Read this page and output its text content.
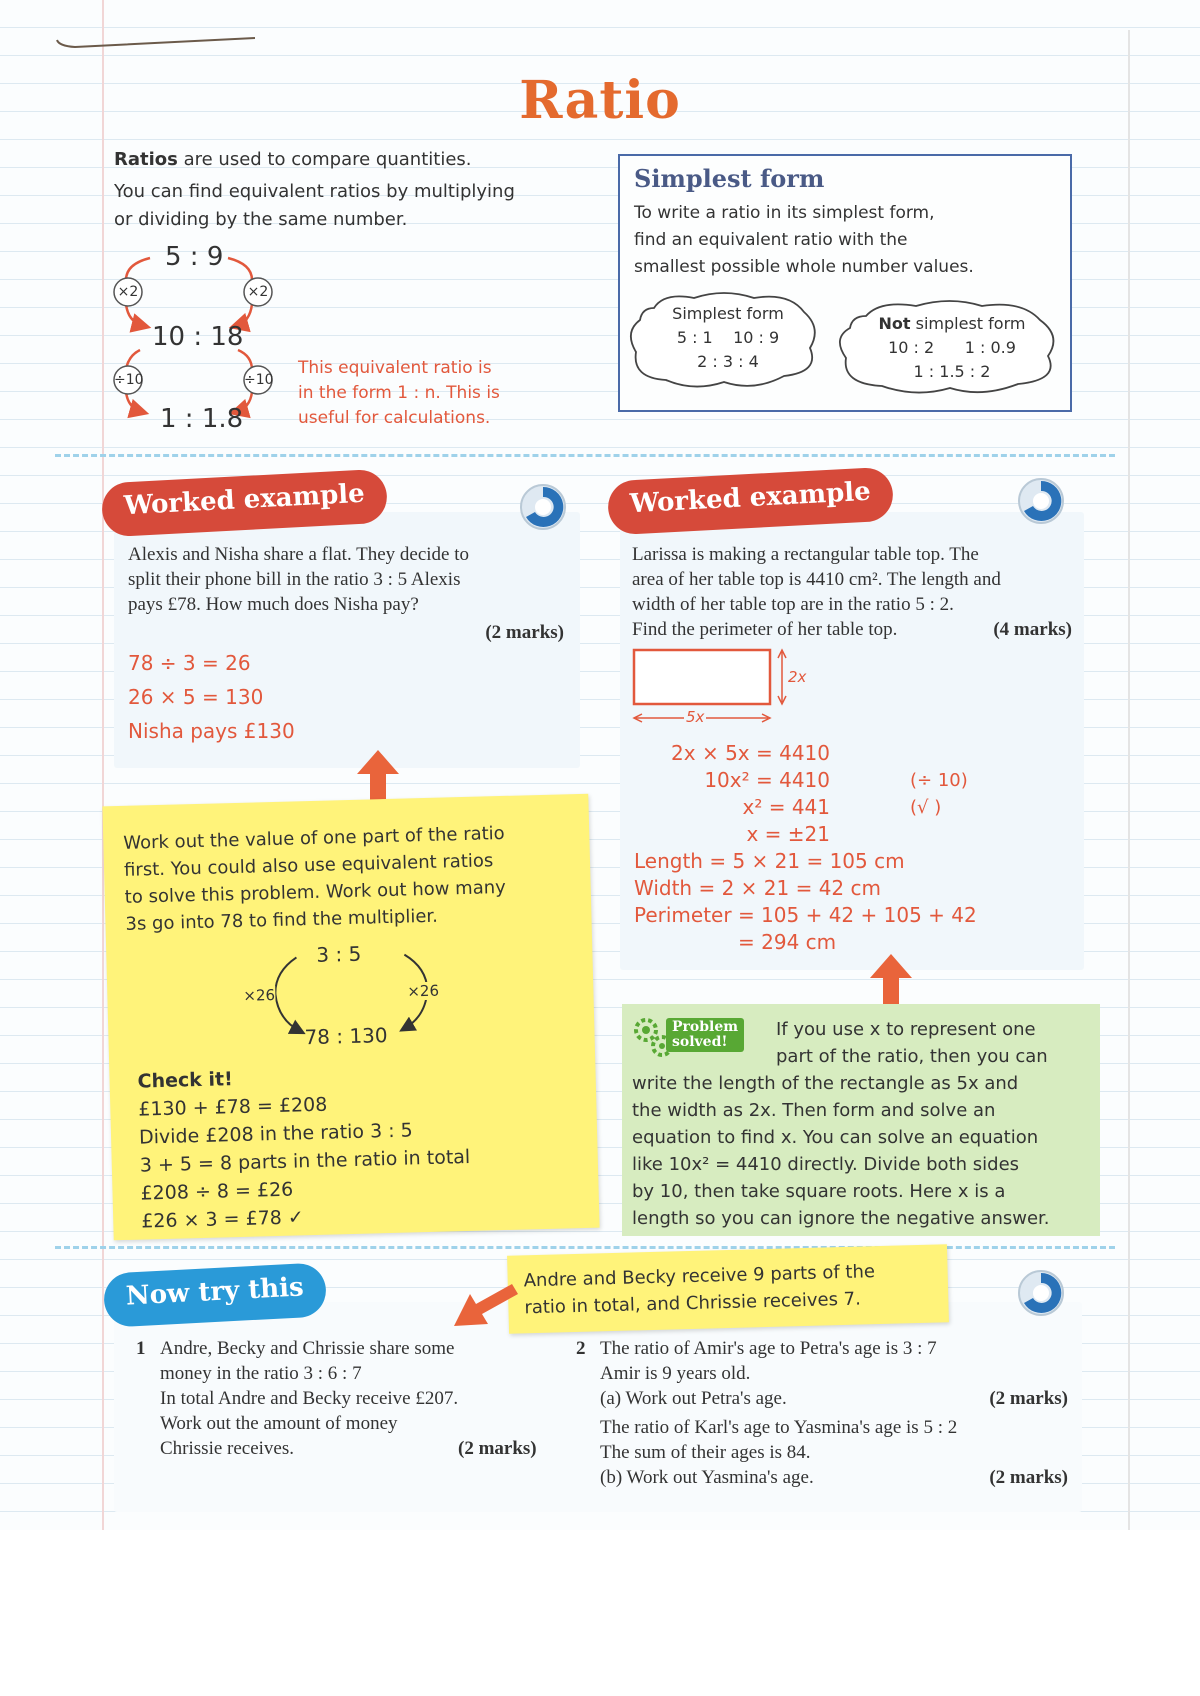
Ratio

Ratios are used to compare quantities.

You can find equivalent ratios by multiplying

or dividing by the same number.

5 : 9
10 : 18
1 : 1.8
×2	×2
÷10	÷10
This equivalent ratio is
in the form 1 : n. This is
useful for calculations.
Simplest form
To write a ratio in its simplest form,
find an equivalent ratio with the
smallest possible whole number values.
Simplest form
5 : 1 10 : 9
2 : 3 : 4
Not simplest form
10 : 2 1 : 0.9
1 : 1.5 : 2
Alexis and Nisha share a flat. They decide to
split their phone bill in the ratio 3 : 5 Alexis
pays £78. How much does Nisha pay?
(2 marks)
78 ÷ 3 = 26
26 × 5 = 130
Nisha pays £130
Worked example
Work out the value of one part of the ratio
first. You could also use equivalent ratios
to solve this problem. Work out how many
3s go into 78 to find the multiplier.
3 : 5
×26	×26
78 : 130
Check it!
£130 + £78 = £208
Divide £208 in the ratio 3 : 5
3 + 5 = 8 parts in the ratio in total
£208 ÷ 8 = £26
£26 × 3 = £78 ✓
Larissa is making a rectangular table top. The
area of her table top is 4410 cm². The length and
width of her table top are in the ratio 5 : 2.
Find the perimeter of her table top.	(4 marks)
2x
5x
2x × 5x = 4410
10x² = 4410
x² = 441
x = ±21
(÷ 10)
(√ )
Length = 5 × 21 = 105 cm
Width = 2 × 21 = 42 cm
Perimeter = 105 + 42 + 105 + 42
= 294 cm
Worked example
Problem
solved!
If you use x to represent one
part of the ratio, then you can
write the length of the rectangle as 5x and
the width as 2x. Then form and solve an
equation to find x. You can solve an equation
like 10x² = 4410 directly. Divide both sides
by 10, then take square roots. Here x is a
length so you can ignore the negative answer.
1 Andre, Becky and Chrissie share some
money in the ratio 3 : 6 : 7
In total Andre and Becky receive £207.
Work out the amount of money
Chrissie receives.	(2 marks)
2 The ratio of Amir's age to Petra's age is 3 : 7
Amir is 9 years old.
(a) Work out Petra's age.
The ratio of Karl's age to Yasmina's age is 5 : 2
The sum of their ages is 84.
(b) Work out Yasmina's age.
(2 marks)
(2 marks)
Now try this	Andre and Becky receive 9 parts of the
ratio in total, and Chrissie receives 7.
